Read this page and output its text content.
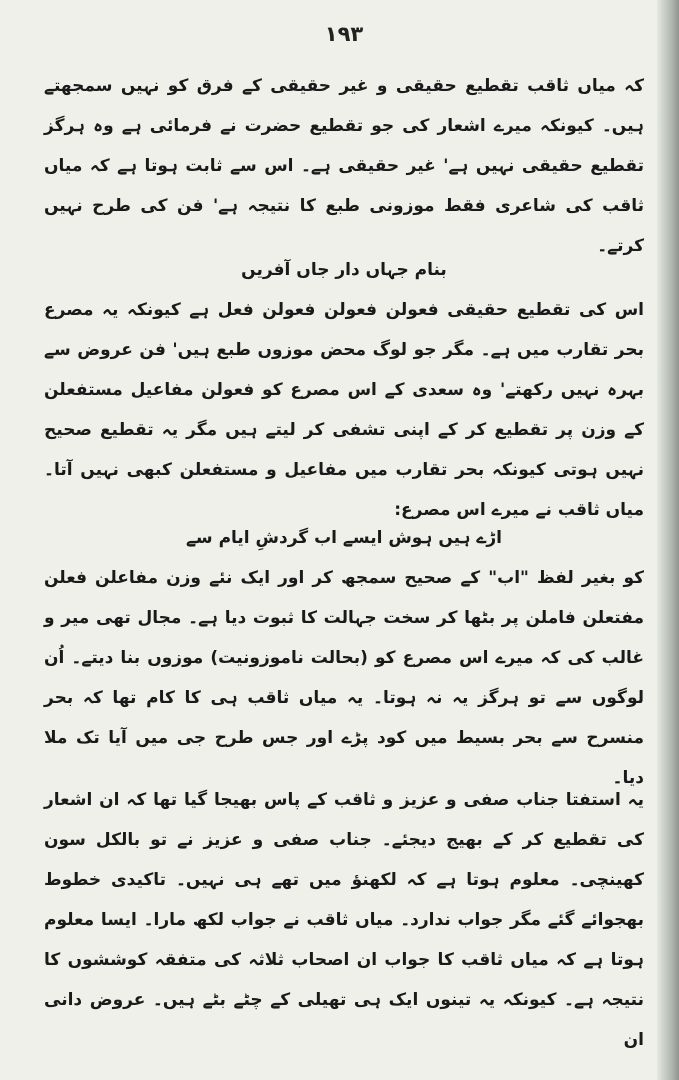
۱۹۳

کہ میاں ثاقب تقطیع حقیقی و غیر حقیقی کے فرق کو نہیں سمجھتے ہیں۔ کیونکہ میرے اشعار کی جو تقطیع حضرت نے فرمائی ہے وہ ہرگز تقطیع حقیقی نہیں ہے' غیر حقیقی ہے۔ اس سے ثابت ہوتا ہے کہ میاں ثاقب کی شاعری فقط موزونی طبع کا نتیجہ ہے' فن کی طرح نہیں کرتے۔

بنام جہاں دار جاں آفریں

اس کی تقطیع حقیقی فعولن فعولن فعولن فعل ہے کیونکہ یہ مصرع بحر تقارب میں ہے۔ مگر جو لوگ محض موزوں طبع ہیں' فن عروض سے بہرہ نہیں رکھتے' وہ سعدی کے اس مصرع کو فعولن مفاعیل مستفعلن کے وزن پر تقطیع کر کے اپنی تشفی کر لیتے ہیں مگر یہ تقطیع صحیح نہیں ہوتی کیونکہ بحر تقارب میں مفاعیل و مستفعلن کبھی نہیں آتا۔ میاں ثاقب نے میرے اس مصرع:

اڑے ہیں ہوش ایسے اب گردشِ ایام سے

کو بغیر لفظ "اب" کے صحیح سمجھ کر اور ایک نئے وزن مفاعلن فعلن مفتعلن فاملن پر بٹھا کر سخت جہالت کا ثبوت دیا ہے۔ مجال تھی میر و غالب کی کہ میرے اس مصرع کو (بحالت ناموزونیت) موزوں بنا دیتے۔ اُن لوگوں سے تو ہرگز یہ نہ ہوتا۔ یہ میاں ثاقب ہی کا کام تھا کہ بحر منسرح سے بحر بسیط میں کود پڑے اور جس طرح جی میں آیا تک ملا دیا۔

یہ استفتا جناب صفی و عزیز و ثاقب کے پاس بھیجا گیا تھا کہ ان اشعار کی تقطیع کر کے بھیج دیجئے۔ جناب صفی و عزیز نے تو بالکل سون کھینچی۔ معلوم ہوتا ہے کہ لکھنؤ میں تھے ہی نہیں۔ تاکیدی خطوط بھجوائے گئے مگر جواب ندارد۔ میاں ثاقب نے جواب لکھ مارا۔ ایسا معلوم ہوتا ہے کہ میاں ثاقب کا جواب ان اصحاب ثلاثہ کی متفقہ کوششوں کا نتیجہ ہے۔ کیونکہ یہ تینوں ایک ہی تھیلی کے چٹے بٹے ہیں۔ عروض دانی ان
